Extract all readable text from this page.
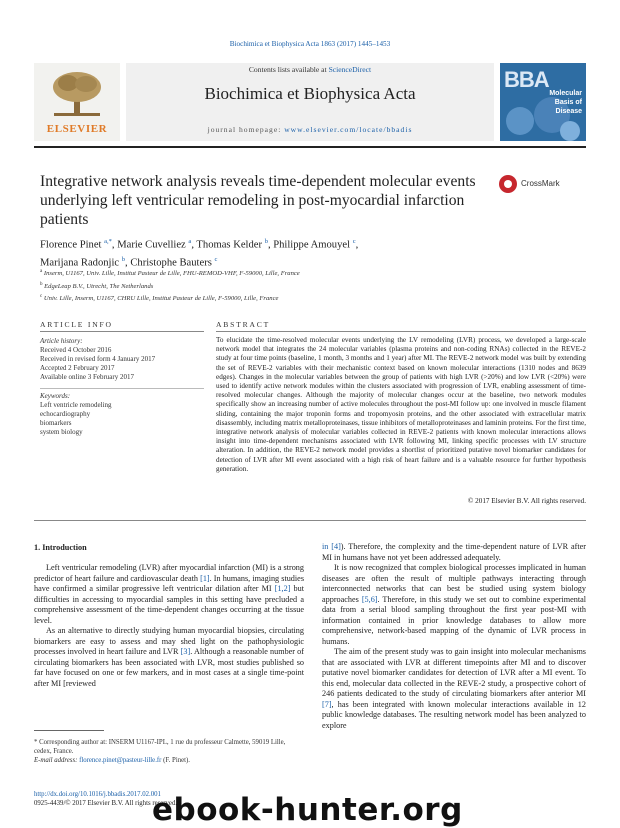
Biochimica et Biophysica Acta 1863 (2017) 1445–1453
ELSEVIER
Contents lists available at ScienceDirect
Biochimica et Biophysica Acta
journal homepage: www.elsevier.com/locate/bbadis
BBA
Molecular
Basis of
Disease
Integrative network analysis reveals time-dependent molecular events underlying left ventricular remodeling in post-myocardial infarction patients
CrossMark
Florence Pinet $^{a,*}$, Marie Cuvelliez $^a$, Thomas Kelder $^b$, Philippe Amouyel $^c$,
Marijana Radonjic $^b$, Christophe Bauters $^c$
$^a$ Inserm, U1167, Univ. Lille, Institut Pasteur de Lille, FHU-REMOD-VHF, F-59000, Lille, France
$^b$ EdgeLeap B.V., Utrecht, The Netherlands
$^c$ Univ. Lille, Inserm, U1167, CHRU Lille, Institut Pasteur de Lille, F-59000, Lille, France
ARTICLE INFO	ABSTRACT
Article history:
Received 4 October 2016
Received in revised form 4 January 2017
Accepted 2 February 2017
Available online 3 February 2017
Keywords:
Left ventricle remodeling
echocardiography
biomarkers
system biology
To elucidate the time-resolved molecular events underlying the LV remodeling (LVR) process, we developed a large-scale network model that integrates the 24 molecular variables (plasma proteins and non-coding RNAs) collected in the REVE-2 study at four time points (baseline, 1 month, 3 months and 1 year) after MI. The REVE-2 network model was built by extending the set of REVE-2 variables with their mechanistic context based on known molecular interactions (1310 nodes and 8639 edges). Changes in the molecular variables between the group of patients with high LVR (>20%) and low LVR (<20%) were used to identify active network modules within the clusters associated with progression of LVR, enabling assessment of time-resolved molecular changes. Although the majority of molecular changes occur at the baseline, two network modules specifically show an increasing number of active molecules throughout the post-MI follow up: one involved in muscle filament sliding, containing the major troponin forms and tropomyosin proteins, and the other associated with extracellular matrix disassembly, including matrix metalloproteinases, tissue inhibitors of metalloproteinases and laminin proteins. For the first time, integrative network analysis of molecular variables collected in REVE-2 patients with known molecular interactions allows insight into time-dependent mechanisms associated with LVR following MI, linking specific processes with LV structure alteration. In addition, the REVE-2 network model provides a shortlist of prioritized putative novel biomarker candidates for detection of LVR after MI event associated with a high risk of heart failure and is a valuable resource for further hypothesis generation.
© 2017 Elsevier B.V. All rights reserved.
1. Introduction

Left ventricular remodeling (LVR) after myocardial infarction (MI) is a strong predictor of heart failure and cardiovascular death [1]. In humans, imaging studies have confirmed a similar progressive left ventricular dilation after MI [1,2] but difficulties in accessing to myocardial samples in this setting have precluded a comprehensive assessment of the time-dependent changes occurring at the tissue level.

As an alternative to directly studying human myocardial biopsies, circulating biomarkers are easy to assess and may shed light on the pathophysiologic processes involved in heart failure and LVR [3]. Although a reasonable number of circulating biomarkers has been associated with LVR, most studies published so far have focused on one or few markers, and in most cases at a single time-point after MI [reviewed

in [4]). Therefore, the complexity and the time-dependent nature of LVR after MI in humans have not yet been addressed adequately.

It is now recognized that complex biological processes implicated in human diseases are often the result of multiple pathways interacting through interconnected networks that can best be studied using system biology approaches [5,6]. Therefore, in this study we set out to combine experimental data from a serial blood sampling throughout the first year post-MI with information contained in prior knowledge databases to allow more comprehensive, network-based mapping of the dynamic of LVR process in humans.

The aim of the present study was to gain insight into molecular mechanisms that are associated with LVR at different timepoints after MI and to discover putative novel biomarker candidates for detection of LVR after a MI event. To this end, molecular data collected in the REVE-2 study, a prospective cohort of 246 patients dedicated to the study of circulating biomarkers after anterior MI [7], has been integrated with known molecular interactions available in 12 public knowledge databases. The resulting network model has been analyzed to explore

* Corresponding author at: INSERM U1167-IPL, 1 rue du professeur Calmette, 59019 Lille, cedex, France.
E-mail address: florence.pinet@pasteur-lille.fr (F. Pinet).
http://dx.doi.org/10.1016/j.bbadis.2017.02.001
0925-4439/© 2017 Elsevier B.V. All rights reserved.
ebook-hunter.org
